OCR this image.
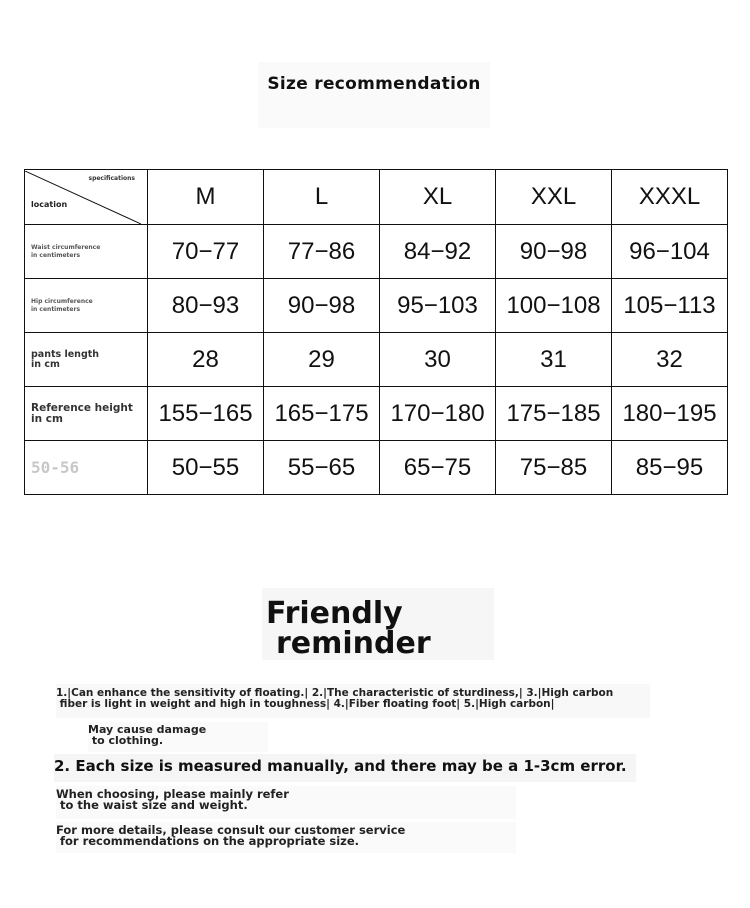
Size recommendation
specifications
location	M	L	XL	XXL	XXXL

Waist circumference
in centimeters	70−77	77−86	84−92	90−98	96−104

Hip circumference
in centimeters	80−93	90−98	95−103	100−108	105−113

pants length
in cm	28	29	30	31	32

Reference height
in cm	155−165	165−175	170−180	175−185	180−195

50-56	50−55	55−65	65−75	75−85	85−95
Friendly
reminder
1.|Can enhance the sensitivity of floating.| 2.|The characteristic of sturdiness,| 3.|High carbon
fiber is light in weight and high in toughness| 4.|Fiber floating foot| 5.|High carbon|
May cause damage
to clothing.
2. Each size is measured manually, and there may be a 1-3cm error.
When choosing, please mainly refer
to the waist size and weight.
For more details, please consult our customer service
for recommendations on the appropriate size.
